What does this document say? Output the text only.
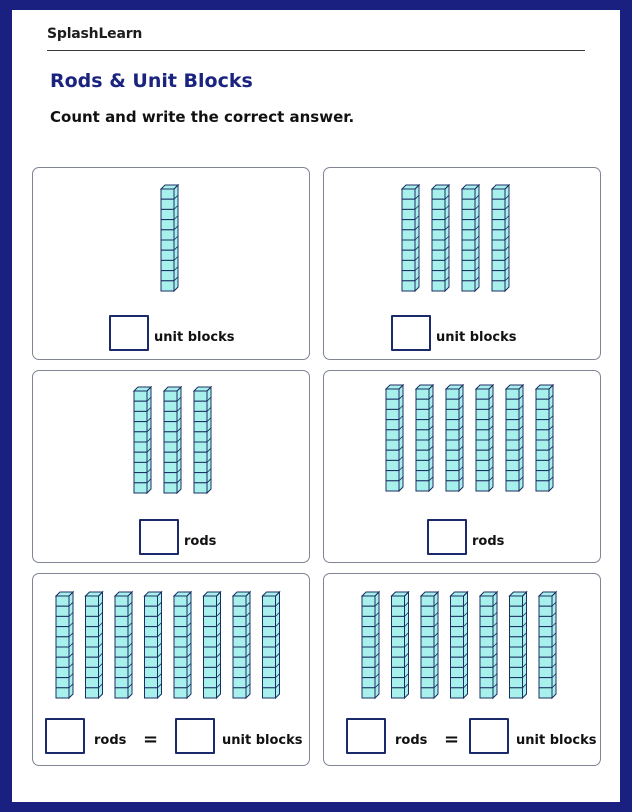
SplashLearn
Rods & Unit Blocks
Count and write the correct answer.
unit blocks	unit blocks
rods	rods
rods =	unit blocks	rods =	unit blocks
